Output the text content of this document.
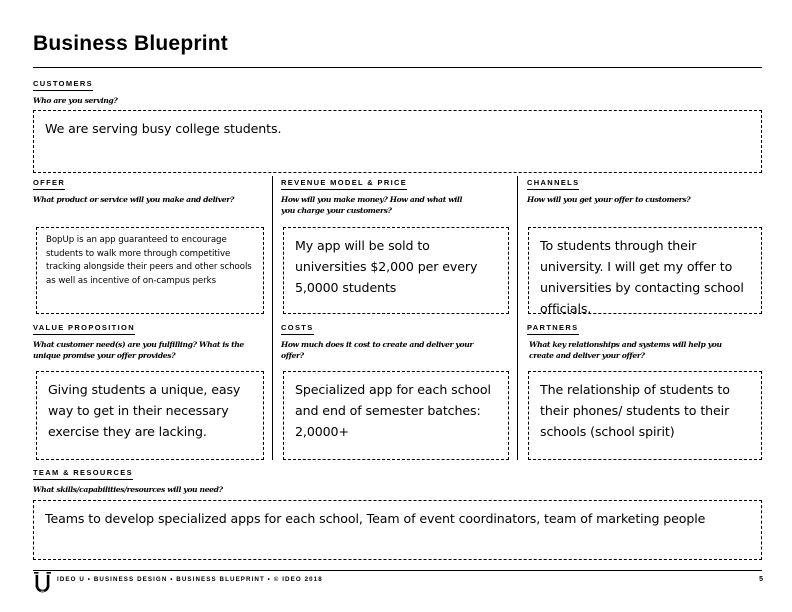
Business Blueprint
CUSTOMERS
Who are you serving?
We are serving busy college students.
OFFER
What product or service will you make and deliver?
BopUp is an app guaranteed to encourage students to walk more through competitive tracking alongside their peers and other schools as well as incentive of on-campus perks
REVENUE MODEL & PRICE
How will you make money? How and what will you charge your customers?
My app will be sold to universities $2,000 per every 5,0000 students
CHANNELS
How will you get your offer to customers?
To students through their university. I will get my offer to universities by contacting school officials.
VALUE PROPOSITION
What customer need(s) are you fulfilling? What is the unique promise your offer provides?
Giving students a unique, easy way to get in their necessary exercise they are lacking.
COSTS
How much does it cost to create and deliver your offer?
Specialized app for each school and end of semester batches: 2,0000+
PARTNERS
What key relationships and systems will help you create and deliver your offer?
The relationship of students to their phones/ students to their schools (school spirit)
TEAM & RESOURCES
What skills/capabilities/resources will you need?
Teams to develop specialized apps for each school, Team of event coordinators, team of marketing people
IDEO U • BUSINESS DESIGN • BUSINESS BLUEPRINT • © IDEO 2018	5
